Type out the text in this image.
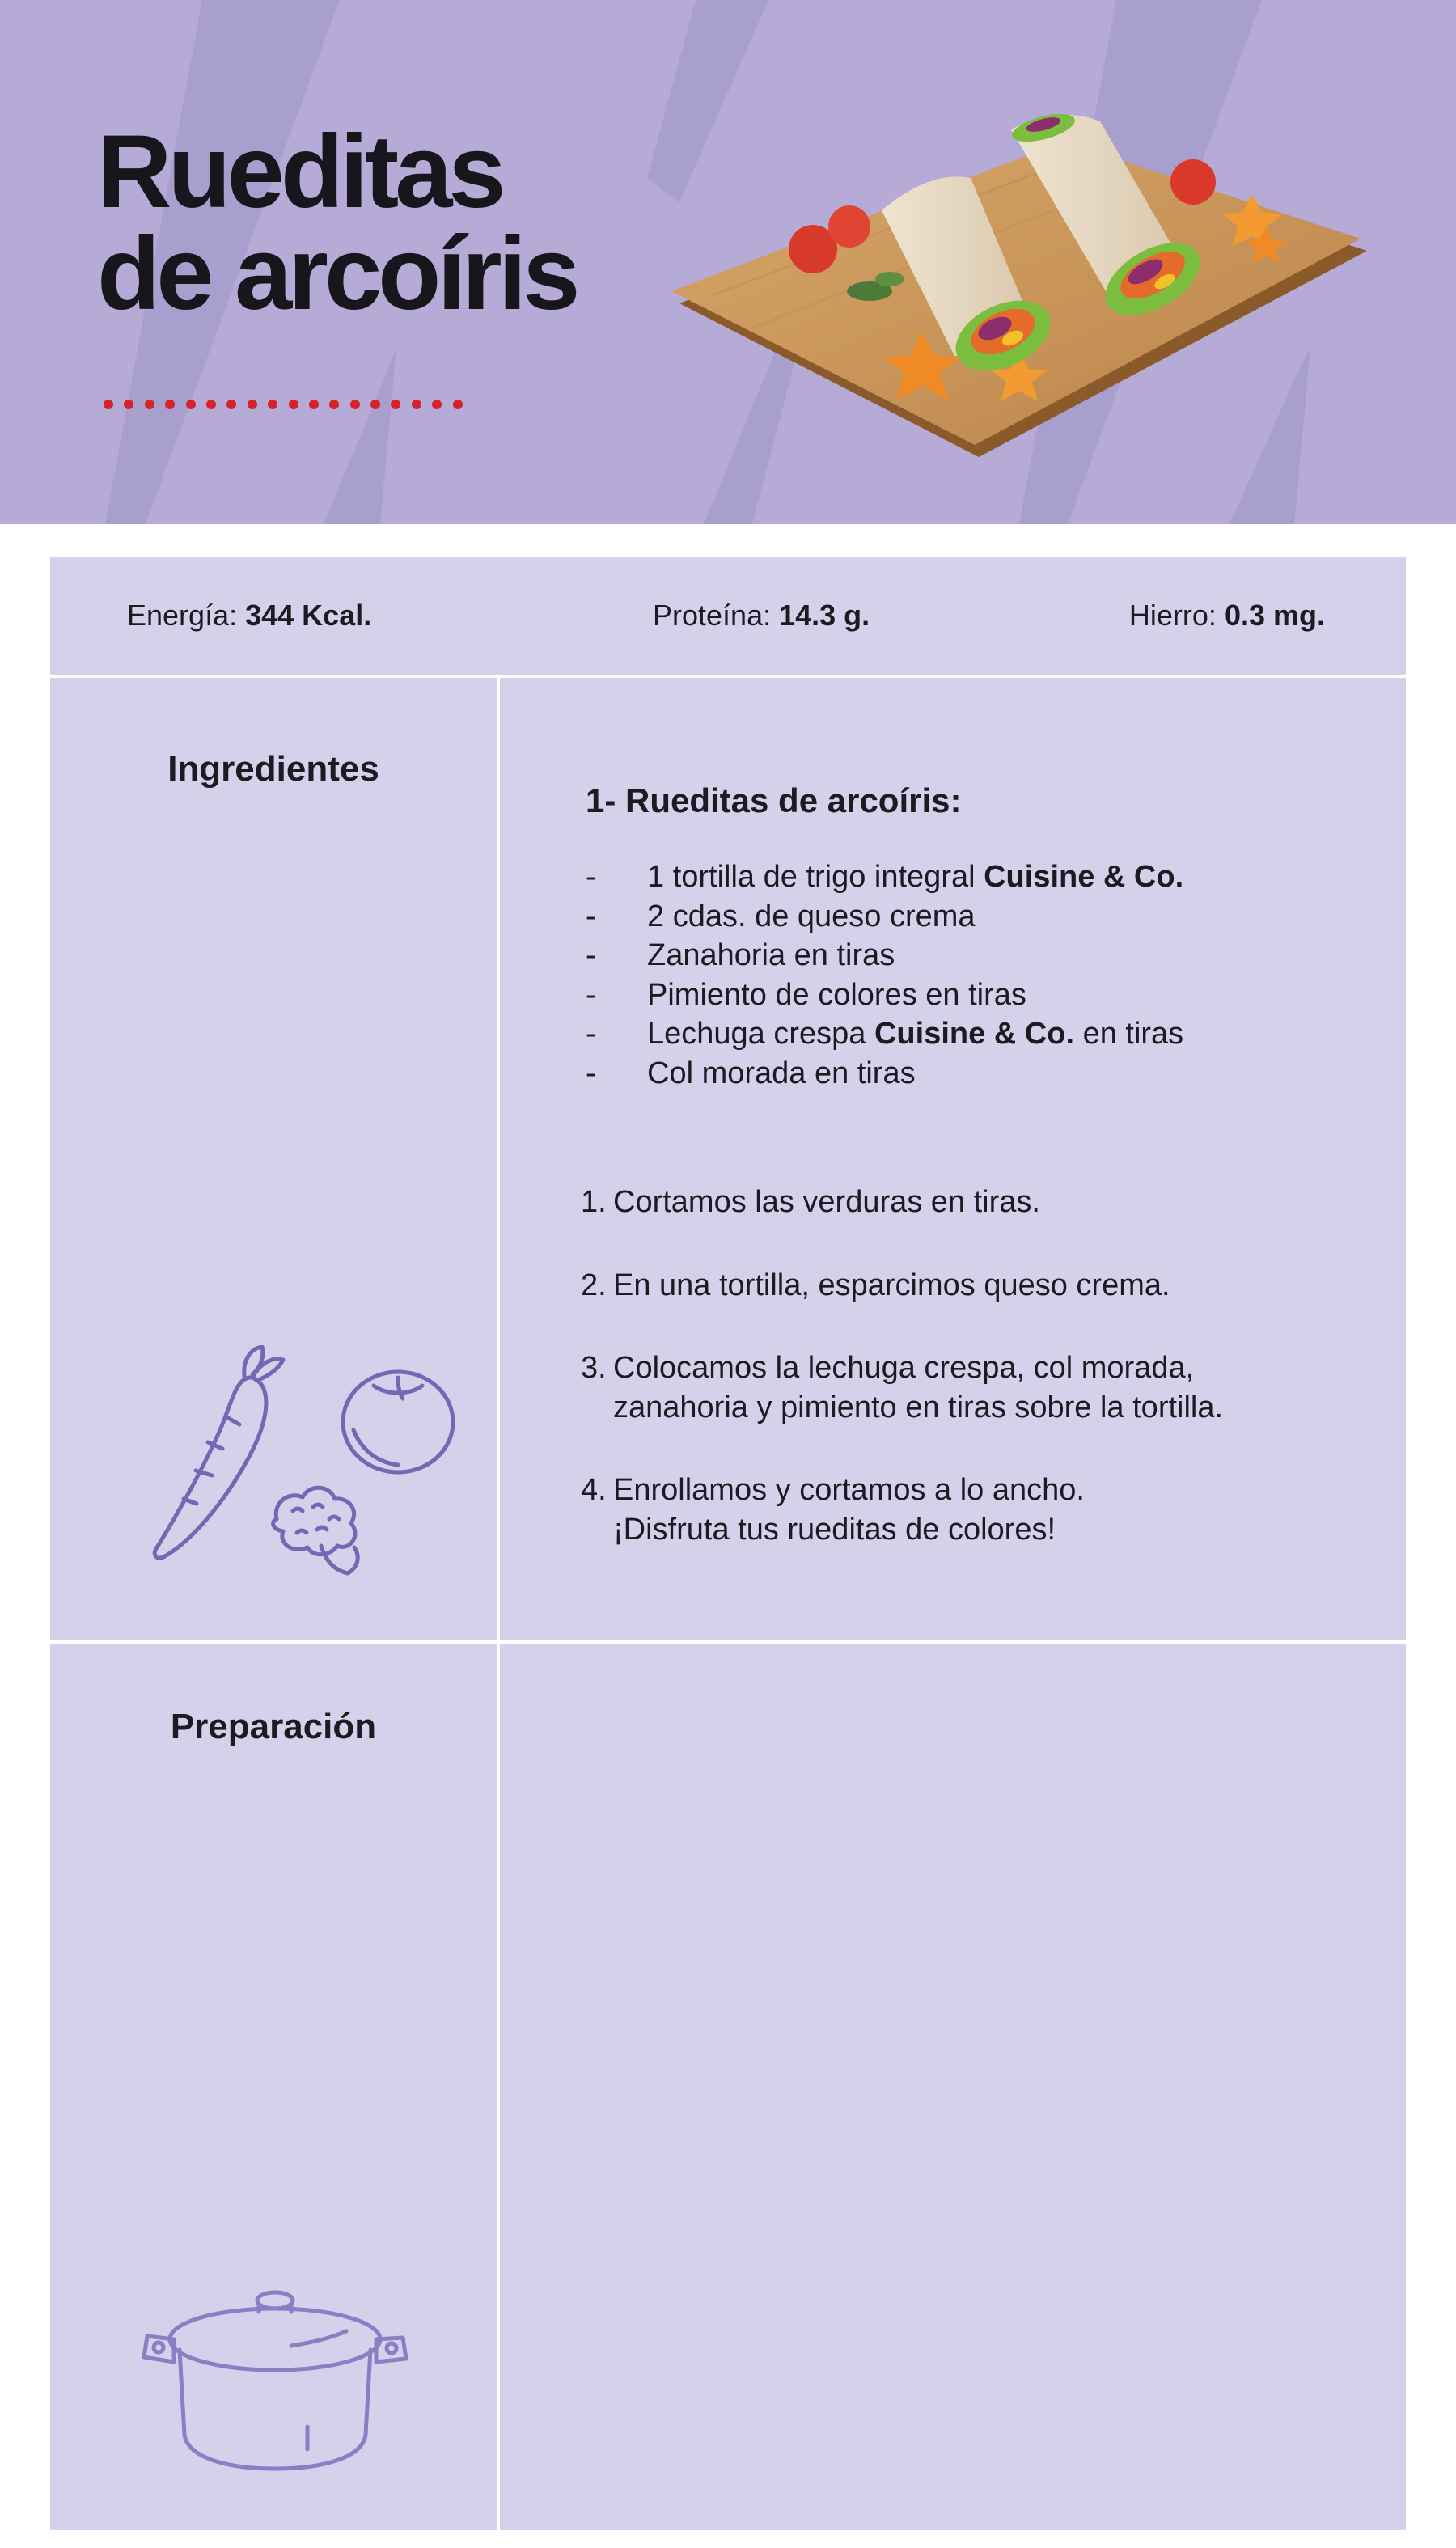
Rueditas
de arcoíris
Energía: 344 Kcal.	Proteína: 14.3 g.	Hierro: 0.3 mg.
Ingredientes
1- Rueditas de arcoíris:
- 1 tortilla de trigo integral Cuisine & Co.
- 2 cdas. de queso crema
- Zanahoria en tiras
- Pimiento de colores en tiras
- Lechuga crespa Cuisine & Co. en tiras
- Col morada en tiras
Preparación
1. Cortamos las verduras en tiras.
2. En una tortilla, esparcimos queso crema.
3. Colocamos la lechuga crespa, col morada,
zanahoria y pimiento en tiras sobre la tortilla.
4. Enrollamos y cortamos a lo ancho.
¡Disfruta tus rueditas de colores!
